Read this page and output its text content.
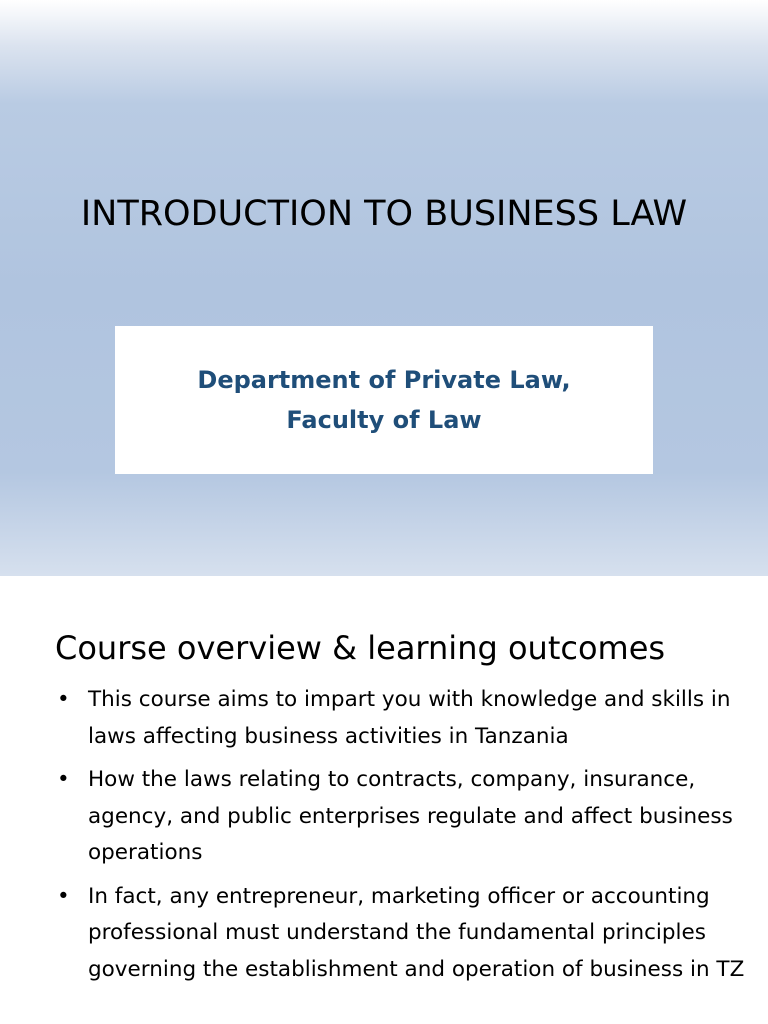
INTRODUCTION TO BUSINESS LAW
Department of Private Law,
Faculty of Law
Course overview & learning outcomes
• This course aims to impart you with knowledge and skills in laws affecting business activities in Tanzania
• How the laws relating to contracts, company, insurance, agency, and public enterprises regulate and affect business operations
• In fact, any entrepreneur, marketing officer or accounting professional must understand the fundamental principles governing the establishment and operation of business in TZ
